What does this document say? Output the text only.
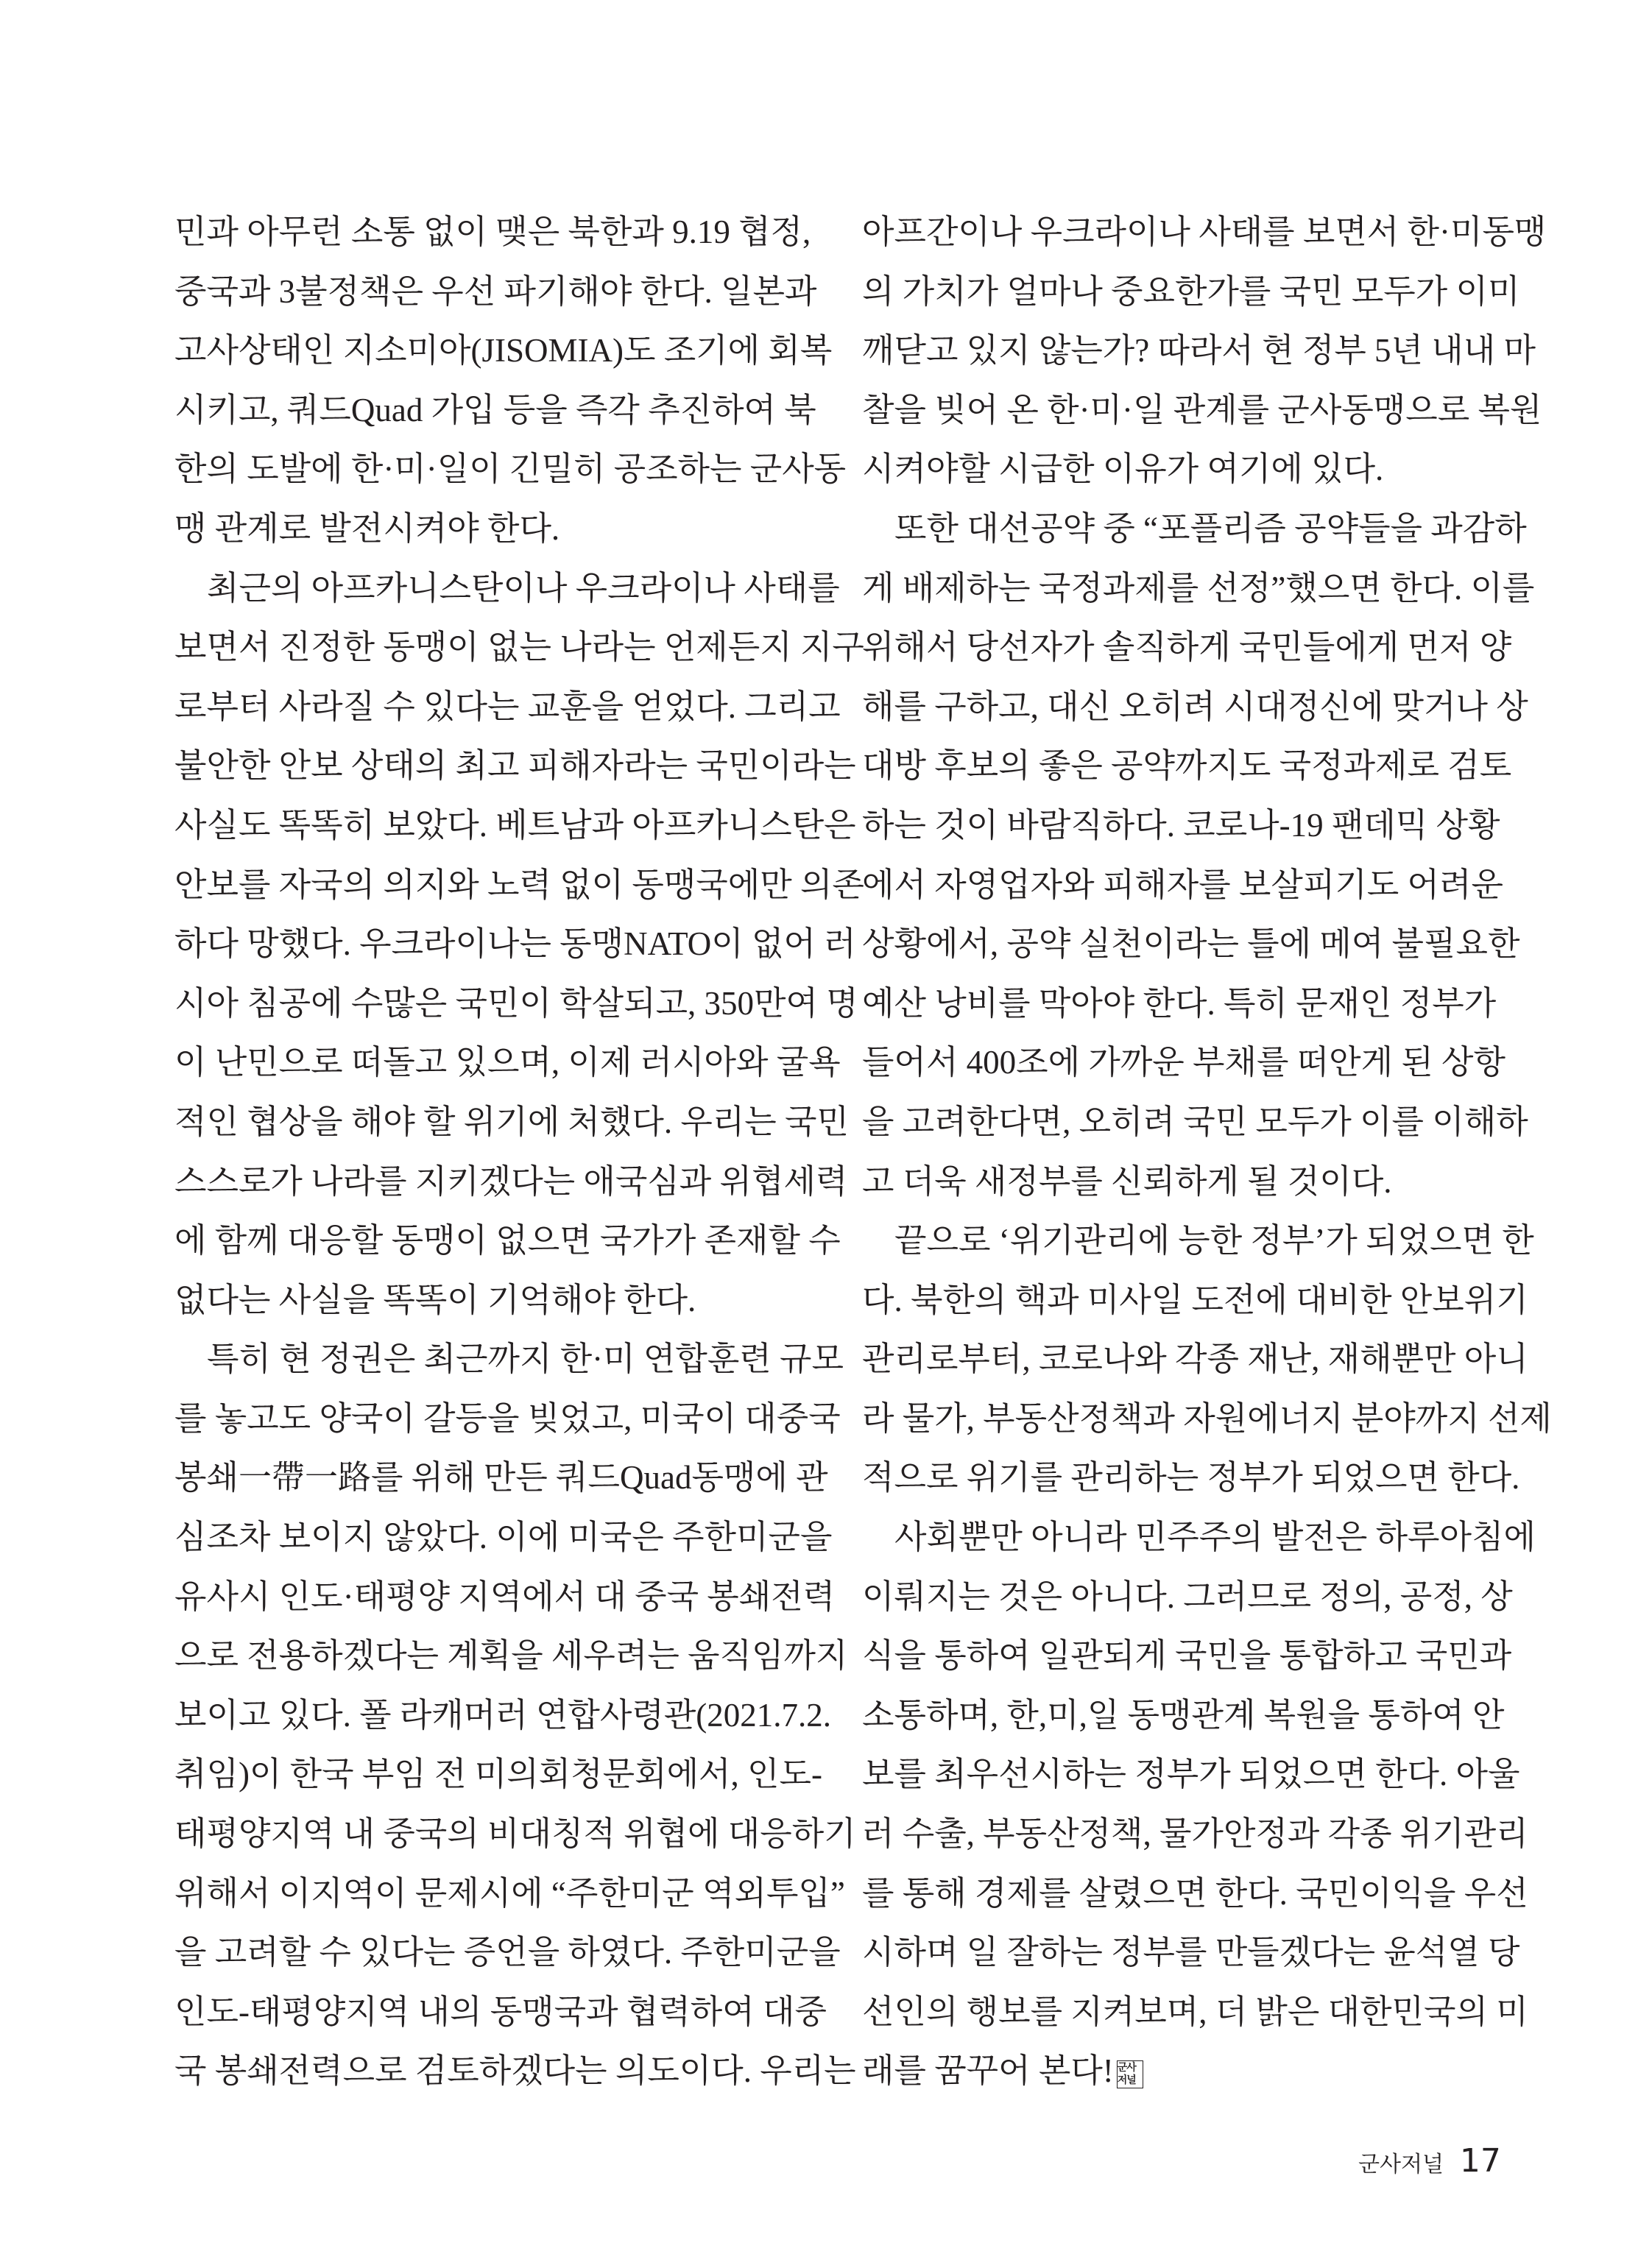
민과 아무런 소통 없이 맺은 북한과 9.19 협정,
중국과 3불정책은 우선 파기해야 한다. 일본과
고사상태인 지소미아(JISOMIA)도 조기에 회복
시키고, 쿼드Quad 가입 등을 즉각 추진하여 북
한의 도발에 한·미·일이 긴밀히 공조하는 군사동
맹 관계로 발전시켜야 한다.
최근의 아프카니스탄이나 우크라이나 사태를
보면서 진정한 동맹이 없는 나라는 언제든지 지구
로부터 사라질 수 있다는 교훈을 얻었다. 그리고
불안한 안보 상태의 최고 피해자라는 국민이라는
사실도 똑똑히 보았다. 베트남과 아프카니스탄은
안보를 자국의 의지와 노력 없이 동맹국에만 의존
하다 망했다. 우크라이나는 동맹NATO이 없어 러
시아 침공에 수많은 국민이 학살되고, 350만여 명
이 난민으로 떠돌고 있으며, 이제 러시아와 굴욕
적인 협상을 해야 할 위기에 처했다. 우리는 국민
스스로가 나라를 지키겠다는 애국심과 위협세력
에 함께 대응할 동맹이 없으면 국가가 존재할 수
없다는 사실을 똑똑이 기억해야 한다.
특히 현 정권은 최근까지 한·미 연합훈련 규모
를 놓고도 양국이 갈등을 빚었고, 미국이 대중국
봉쇄一帶一路를 위해 만든 쿼드Quad동맹에 관
심조차 보이지 않았다. 이에 미국은 주한미군을
유사시 인도·태평양 지역에서 대 중국 봉쇄전력
으로 전용하겠다는 계획을 세우려는 움직임까지
보이고 있다. 폴 라캐머러 연합사령관(2021.7.2.
취임)이 한국 부임 전 미의회청문회에서, 인도-
태평양지역 내 중국의 비대칭적 위협에 대응하기
위해서 이지역이 문제시에 “주한미군 역외투입”
을 고려할 수 있다는 증언을 하였다. 주한미군을
인도-태평양지역 내의 동맹국과 협력하여 대중
국 봉쇄전력으로 검토하겠다는 의도이다. 우리는
아프간이나 우크라이나 사태를 보면서 한·미동맹
의 가치가 얼마나 중요한가를 국민 모두가 이미
깨닫고 있지 않는가? 따라서 현 정부 5년 내내 마
찰을 빚어 온 한·미·일 관계를 군사동맹으로 복원
시켜야할 시급한 이유가 여기에 있다.
또한 대선공약 중 “포플리즘 공약들을 과감하
게 배제하는 국정과제를 선정”했으면 한다. 이를
위해서 당선자가 솔직하게 국민들에게 먼저 양
해를 구하고, 대신 오히려 시대정신에 맞거나 상
대방 후보의 좋은 공약까지도 국정과제로 검토
하는 것이 바람직하다. 코로나-19 팬데믹 상황
에서 자영업자와 피해자를 보살피기도 어려운
상황에서, 공약 실천이라는 틀에 메여 불필요한
예산 낭비를 막아야 한다. 특히 문재인 정부가
들어서 400조에 가까운 부채를 떠안게 된 상항
을 고려한다면, 오히려 국민 모두가 이를 이해하
고 더욱 새정부를 신뢰하게 될 것이다.
끝으로 ‘위기관리에 능한 정부’가 되었으면 한
다. 북한의 핵과 미사일 도전에 대비한 안보위기
관리로부터, 코로나와 각종 재난, 재해뿐만 아니
라 물가, 부동산정책과 자원에너지 분야까지 선제
적으로 위기를 관리하는 정부가 되었으면 한다.
사회뿐만 아니라 민주주의 발전은 하루아침에
이뤄지는 것은 아니다. 그러므로 정의, 공정, 상
식을 통하여 일관되게 국민을 통합하고 국민과
소통하며, 한,미,일 동맹관계 복원을 통하여 안
보를 최우선시하는 정부가 되었으면 한다. 아울
러 수출, 부동산정책, 물가안정과 각종 위기관리
를 통해 경제를 살렸으면 한다. 국민이익을 우선
시하며 일 잘하는 정부를 만들겠다는 윤석열 당
선인의 행보를 지켜보며, 더 밝은 대한민국의 미
래를 꿈꾸어 본다! 군사
저널
군사저널 17
